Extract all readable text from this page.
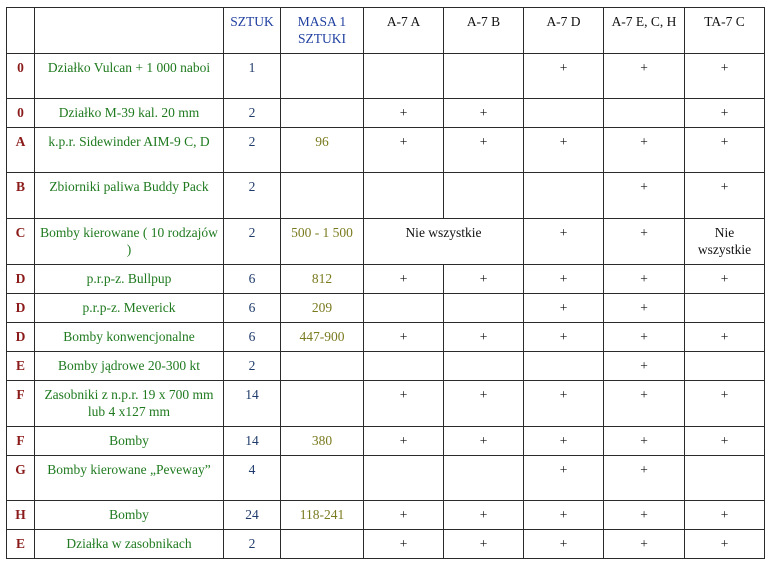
		SZTUK	MASA 1 SZTUKI	A-7 A	A-7 B	A-7 D	A-7 E, C, H	TA-7 C
0	Działko Vulcan + 1 000 naboi	1				+	+	+
0	Działko M-39 kal. 20 mm	2		+	+			+
A	k.p.r. Sidewinder AIM-9 C, D	2	96	+	+	+	+	+
B	Zbiorniki paliwa Buddy Pack	2					+	+
C	Bomby kierowane ( 10 rodzajów )	2	500 - 1 500	Nie wszystkie		+	+	Nie wszystkie
D	p.r.p-z. Bullpup	6	812	+	+	+	+	+
D	p.r.p-z. Meverick	6	209			+	+	
D	Bomby konwencjonalne	6	447-900	+	+	+	+	+
E	Bomby jądrowe 20-300 kt	2					+	
F	Zasobniki z n.p.r. 19 x 700 mm lub 4 x127 mm	14		+	+	+	+	+
F	Bomby	14	380	+	+	+	+	+
G	Bomby kierowane „Peveway”	4				+	+	
H	Bomby	24	118-241	+	+	+	+	+
E	Działka w zasobnikach	2		+	+	+	+	+
